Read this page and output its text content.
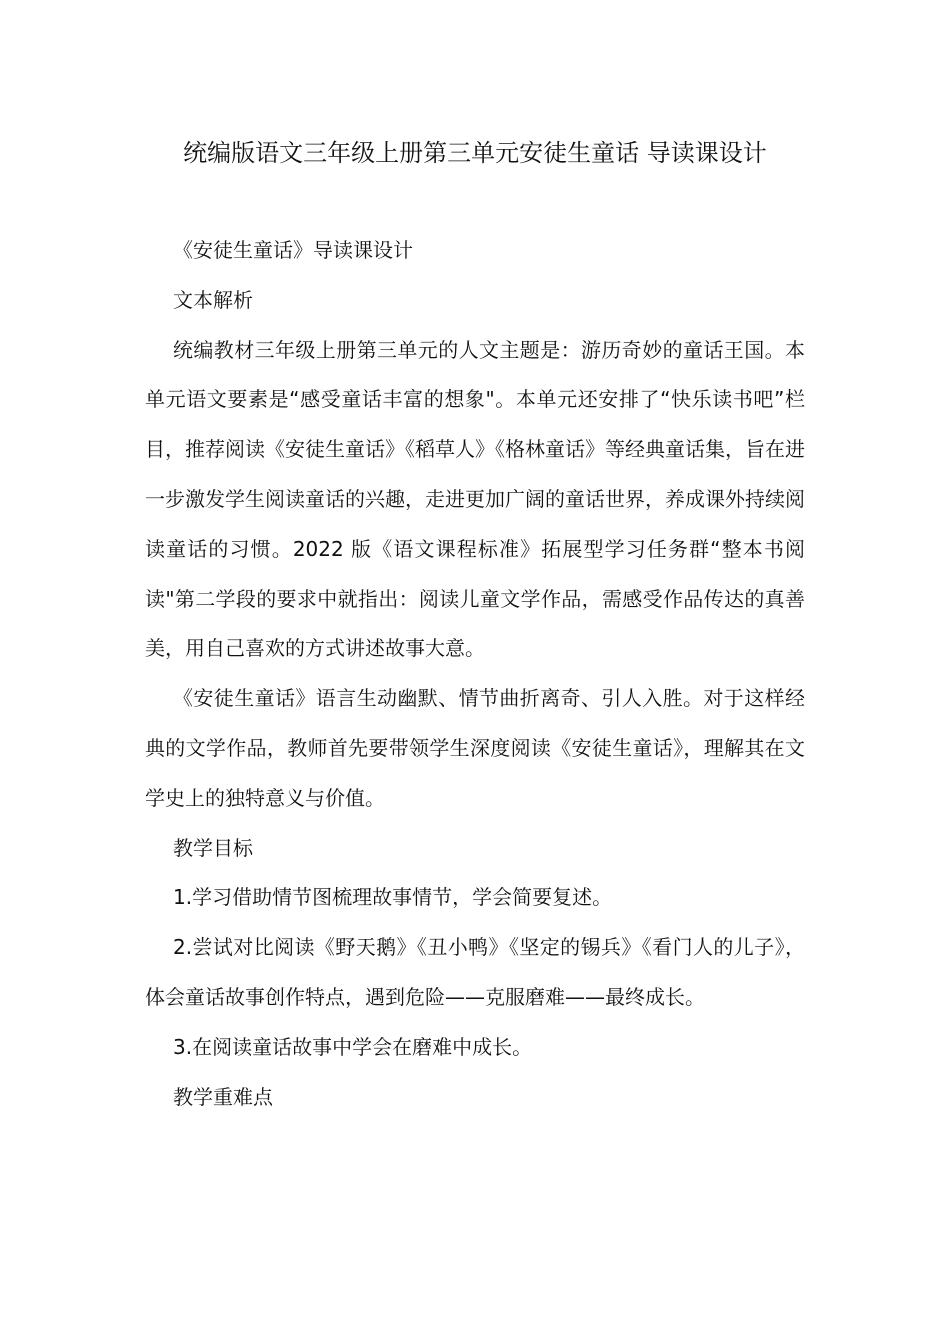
统编版语文三年级上册第三单元安徒生童话 导读课设计

《安徒生童话》导读课设计

文本解析

统编教材三年级上册第三单元的人文主题是：游历奇妙的童话王国。本单元语文要素是“感受童话丰富的想象"。本单元还安排了“快乐读书吧”栏目，推荐阅读《安徒生童话》《稻草人》《格林童话》等经典童话集，旨在进一步激发学生阅读童话的兴趣，走进更加广阔的童话世界，养成课外持续阅读童话的习惯。2022 版《语文课程标准》拓展型学习任务群“整本书阅读"第二学段的要求中就指出：阅读儿童文学作品，需感受作品传达的真善美，用自己喜欢的方式讲述故事大意。

《安徒生童话》语言生动幽默、情节曲折离奇、引人入胜。对于这样经典的文学作品，教师首先要带领学生深度阅读《安徒生童话》，理解其在文学史上的独特意义与价值。

教学目标

1.学习借助情节图梳理故事情节，学会简要复述。

2.尝试对比阅读《野天鹅》《丑小鸭》《坚定的锡兵》《看门人的儿子》，体会童话故事创作特点，遇到危险——克服磨难——最终成长。

3.在阅读童话故事中学会在磨难中成长。

教学重难点
